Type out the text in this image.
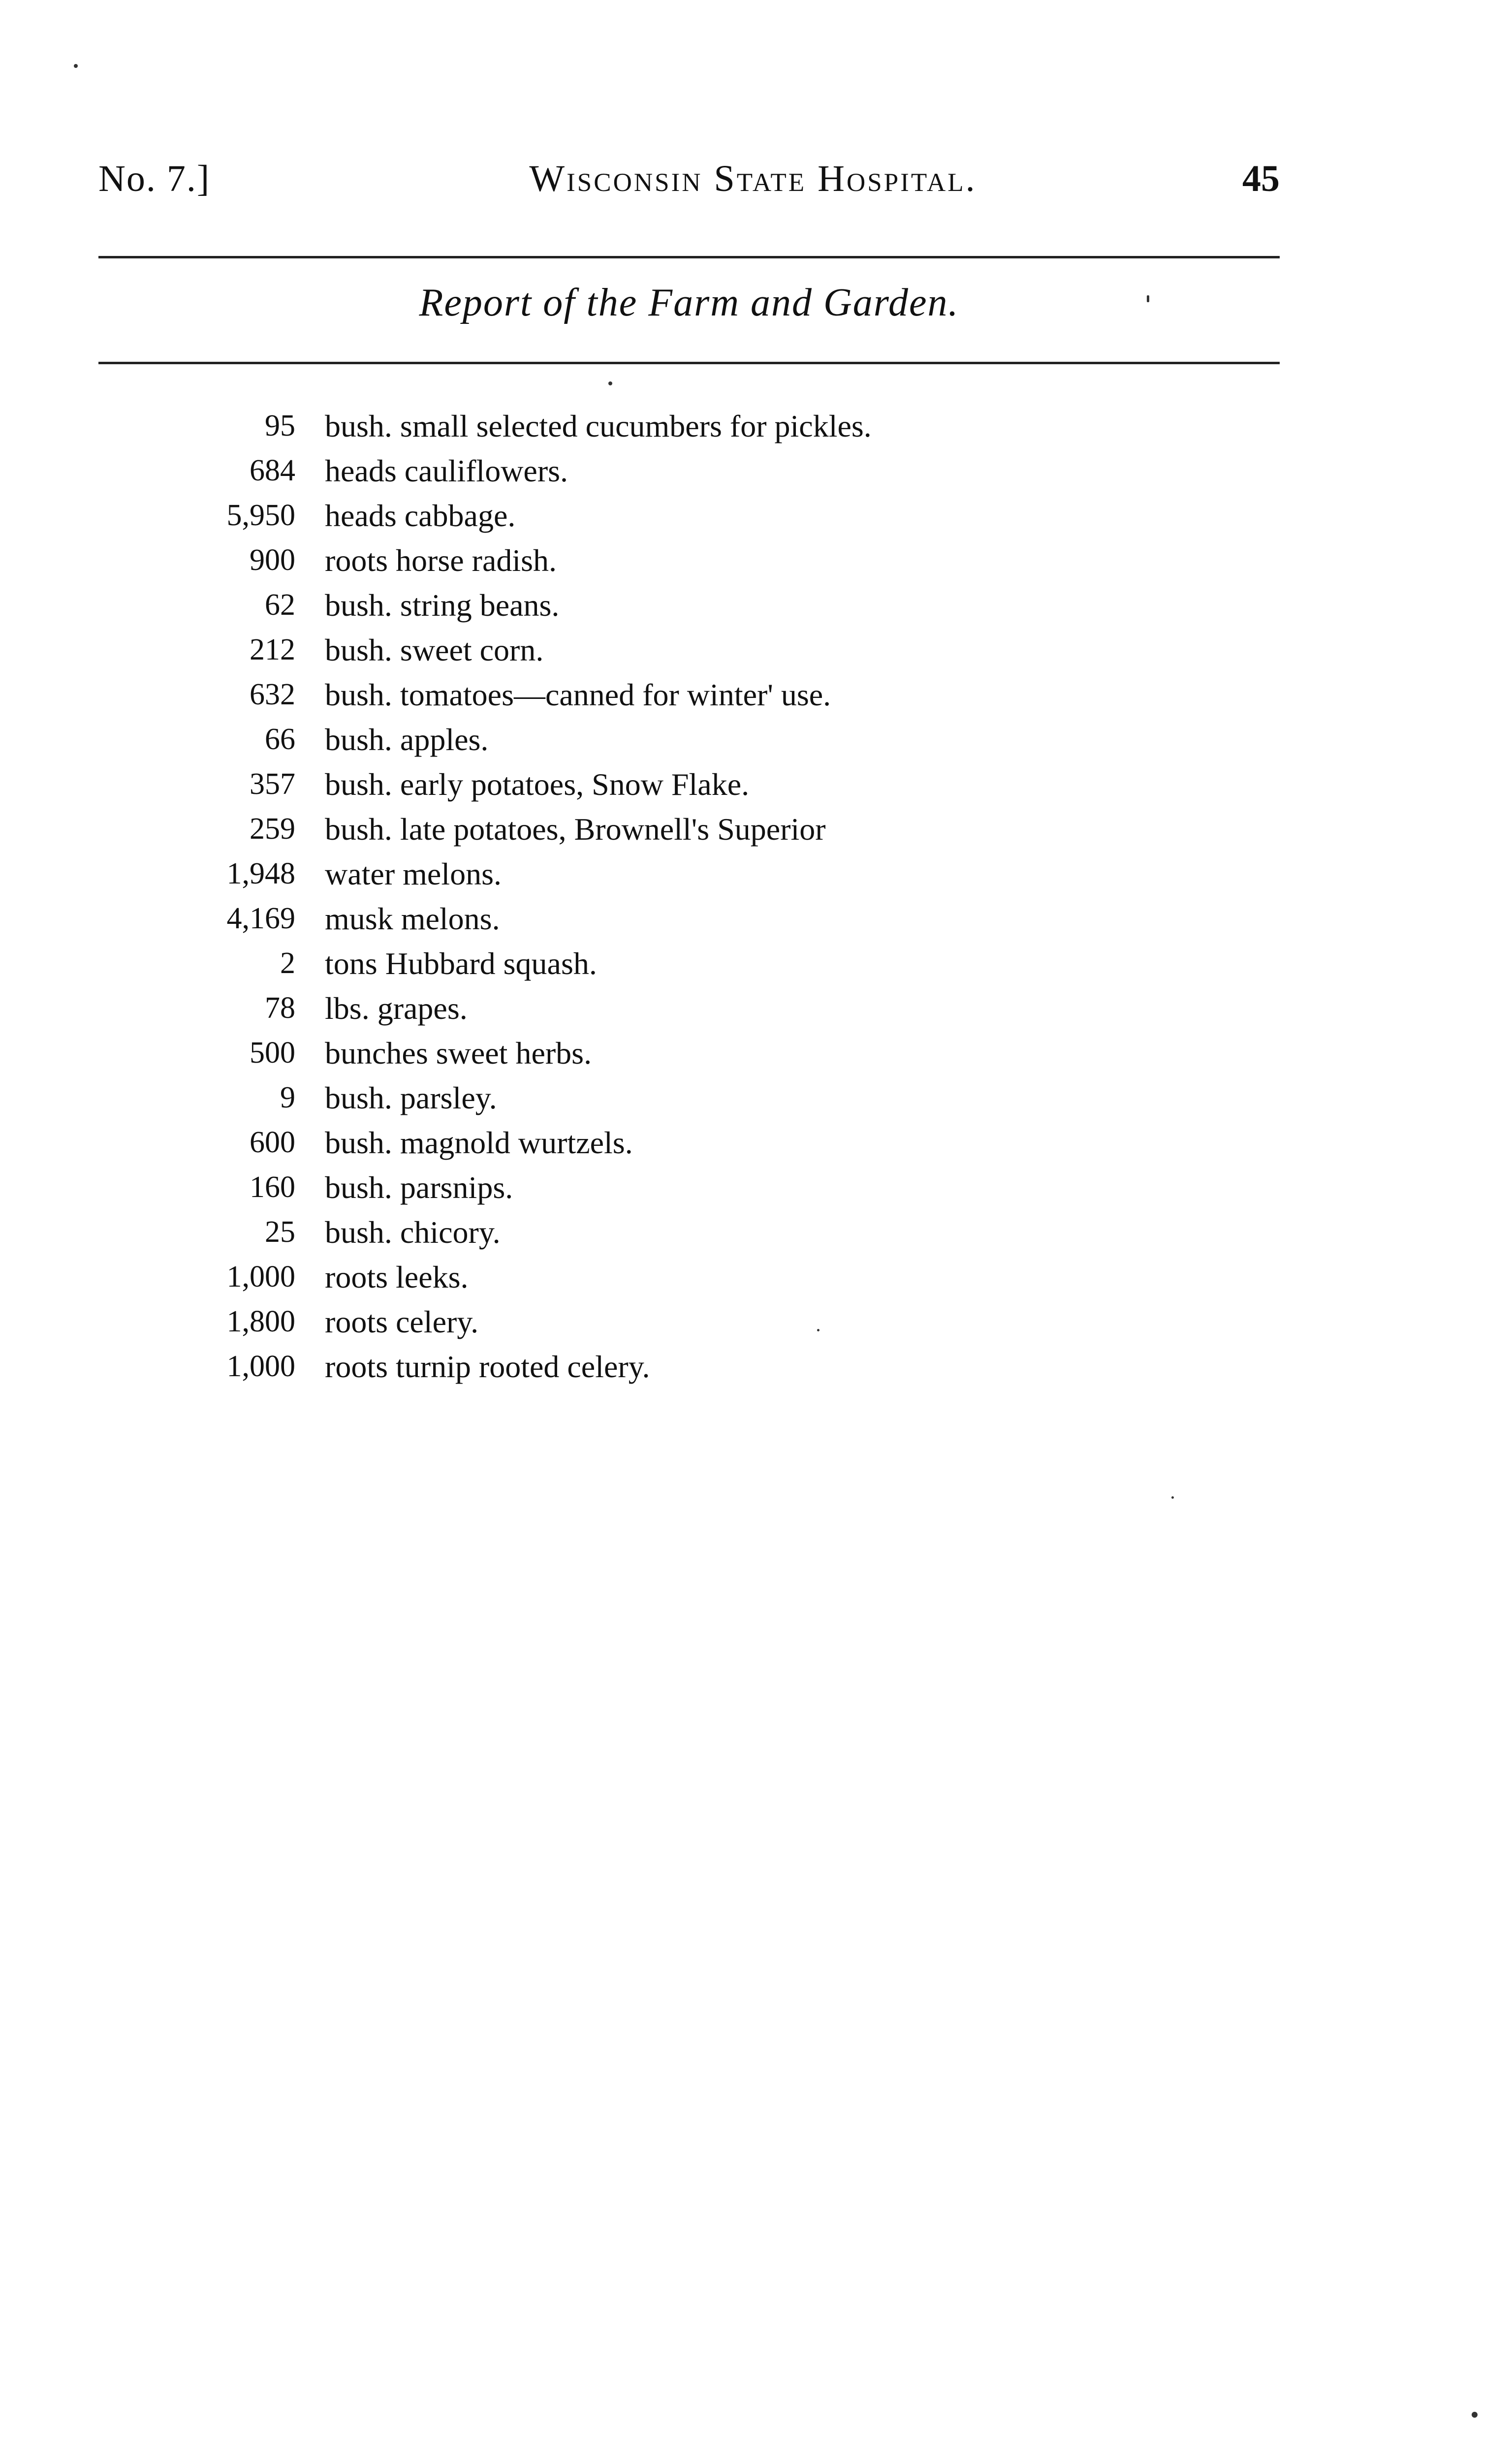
No. 7.]	Wisconsin State Hospital.	45
Report of the Farm and Garden.
95 bush. small selected cucumbers for pickles.
684 heads cauliflowers.
5,950 heads cabbage.
900 roots horse radish.
62 bush. string beans.
212 bush. sweet corn.
632 bush. tomatoes—canned for winter' use.
66 bush. apples.
357 bush. early potatoes, Snow Flake.
259 bush. late potatoes, Brownell's Superior
1,948 water melons.
4,169 musk melons.
2 tons Hubbard squash.
78 lbs. grapes.
500 bunches sweet herbs.
9 bush. parsley.
600 bush. magnold wurtzels.
160 bush. parsnips.
25 bush. chicory.
1,000 roots leeks.
1,800 roots celery.
1,000 roots turnip rooted celery.
